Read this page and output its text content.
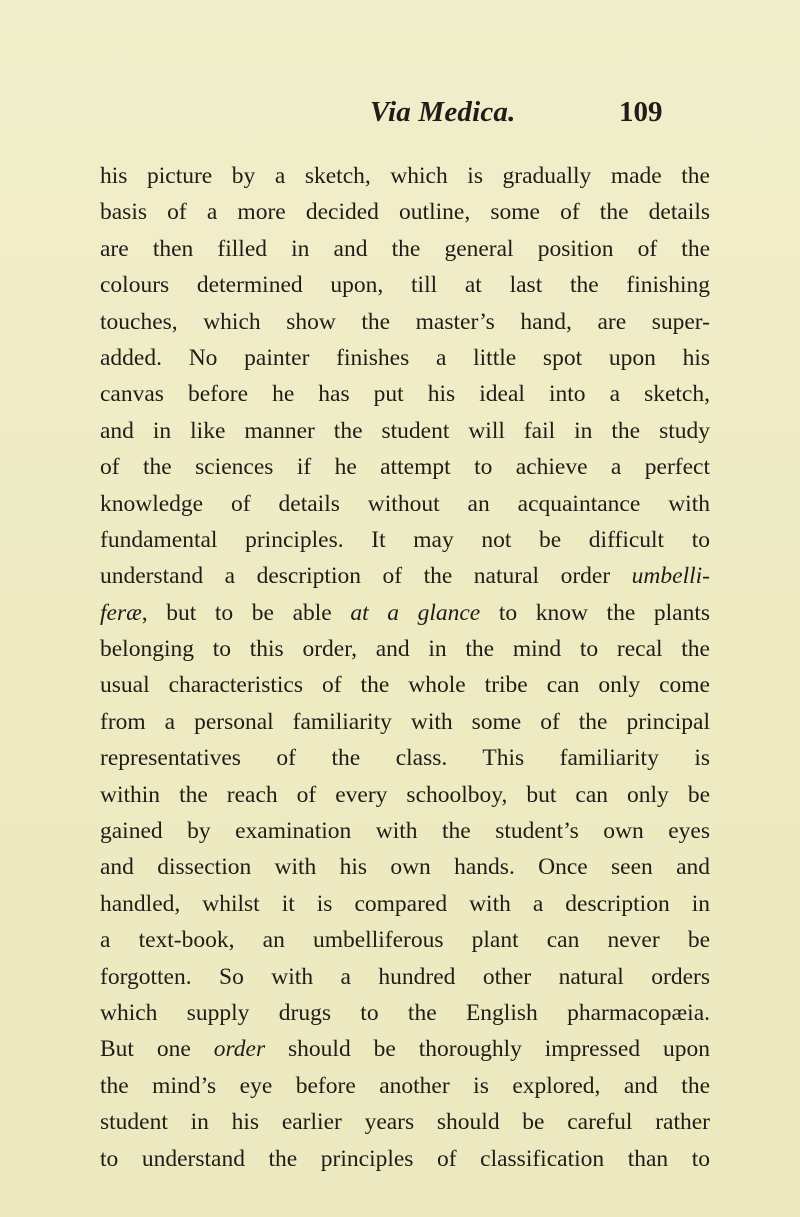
Via Medica.	109
his picture by a sketch, which is gradually made the
basis of a more decided outline, some of the details
are then filled in and the general position of the
colours determined upon, till at last the finishing
touches, which show the master’s hand, are super-
added. No painter finishes a little spot upon his
canvas before he has put his ideal into a sketch,
and in like manner the student will fail in the study
of the sciences if he attempt to achieve a perfect
knowledge of details without an acquaintance with
fundamental principles. It may not be difficult to
understand a description of the natural order umbelli-
feræ, but to be able at a glance to know the plants
belonging to this order, and in the mind to recal the
usual characteristics of the whole tribe can only come
from a personal familiarity with some of the principal
representatives of the class. This familiarity is
within the reach of every schoolboy, but can only be
gained by examination with the student’s own eyes
and dissection with his own hands. Once seen and
handled, whilst it is compared with a description in
a text-book, an umbelliferous plant can never be
forgotten. So with a hundred other natural orders
which supply drugs to the English pharmacopæia.
But one order should be thoroughly impressed upon
the mind’s eye before another is explored, and the
student in his earlier years should be careful rather
to understand the principles of classification than to
